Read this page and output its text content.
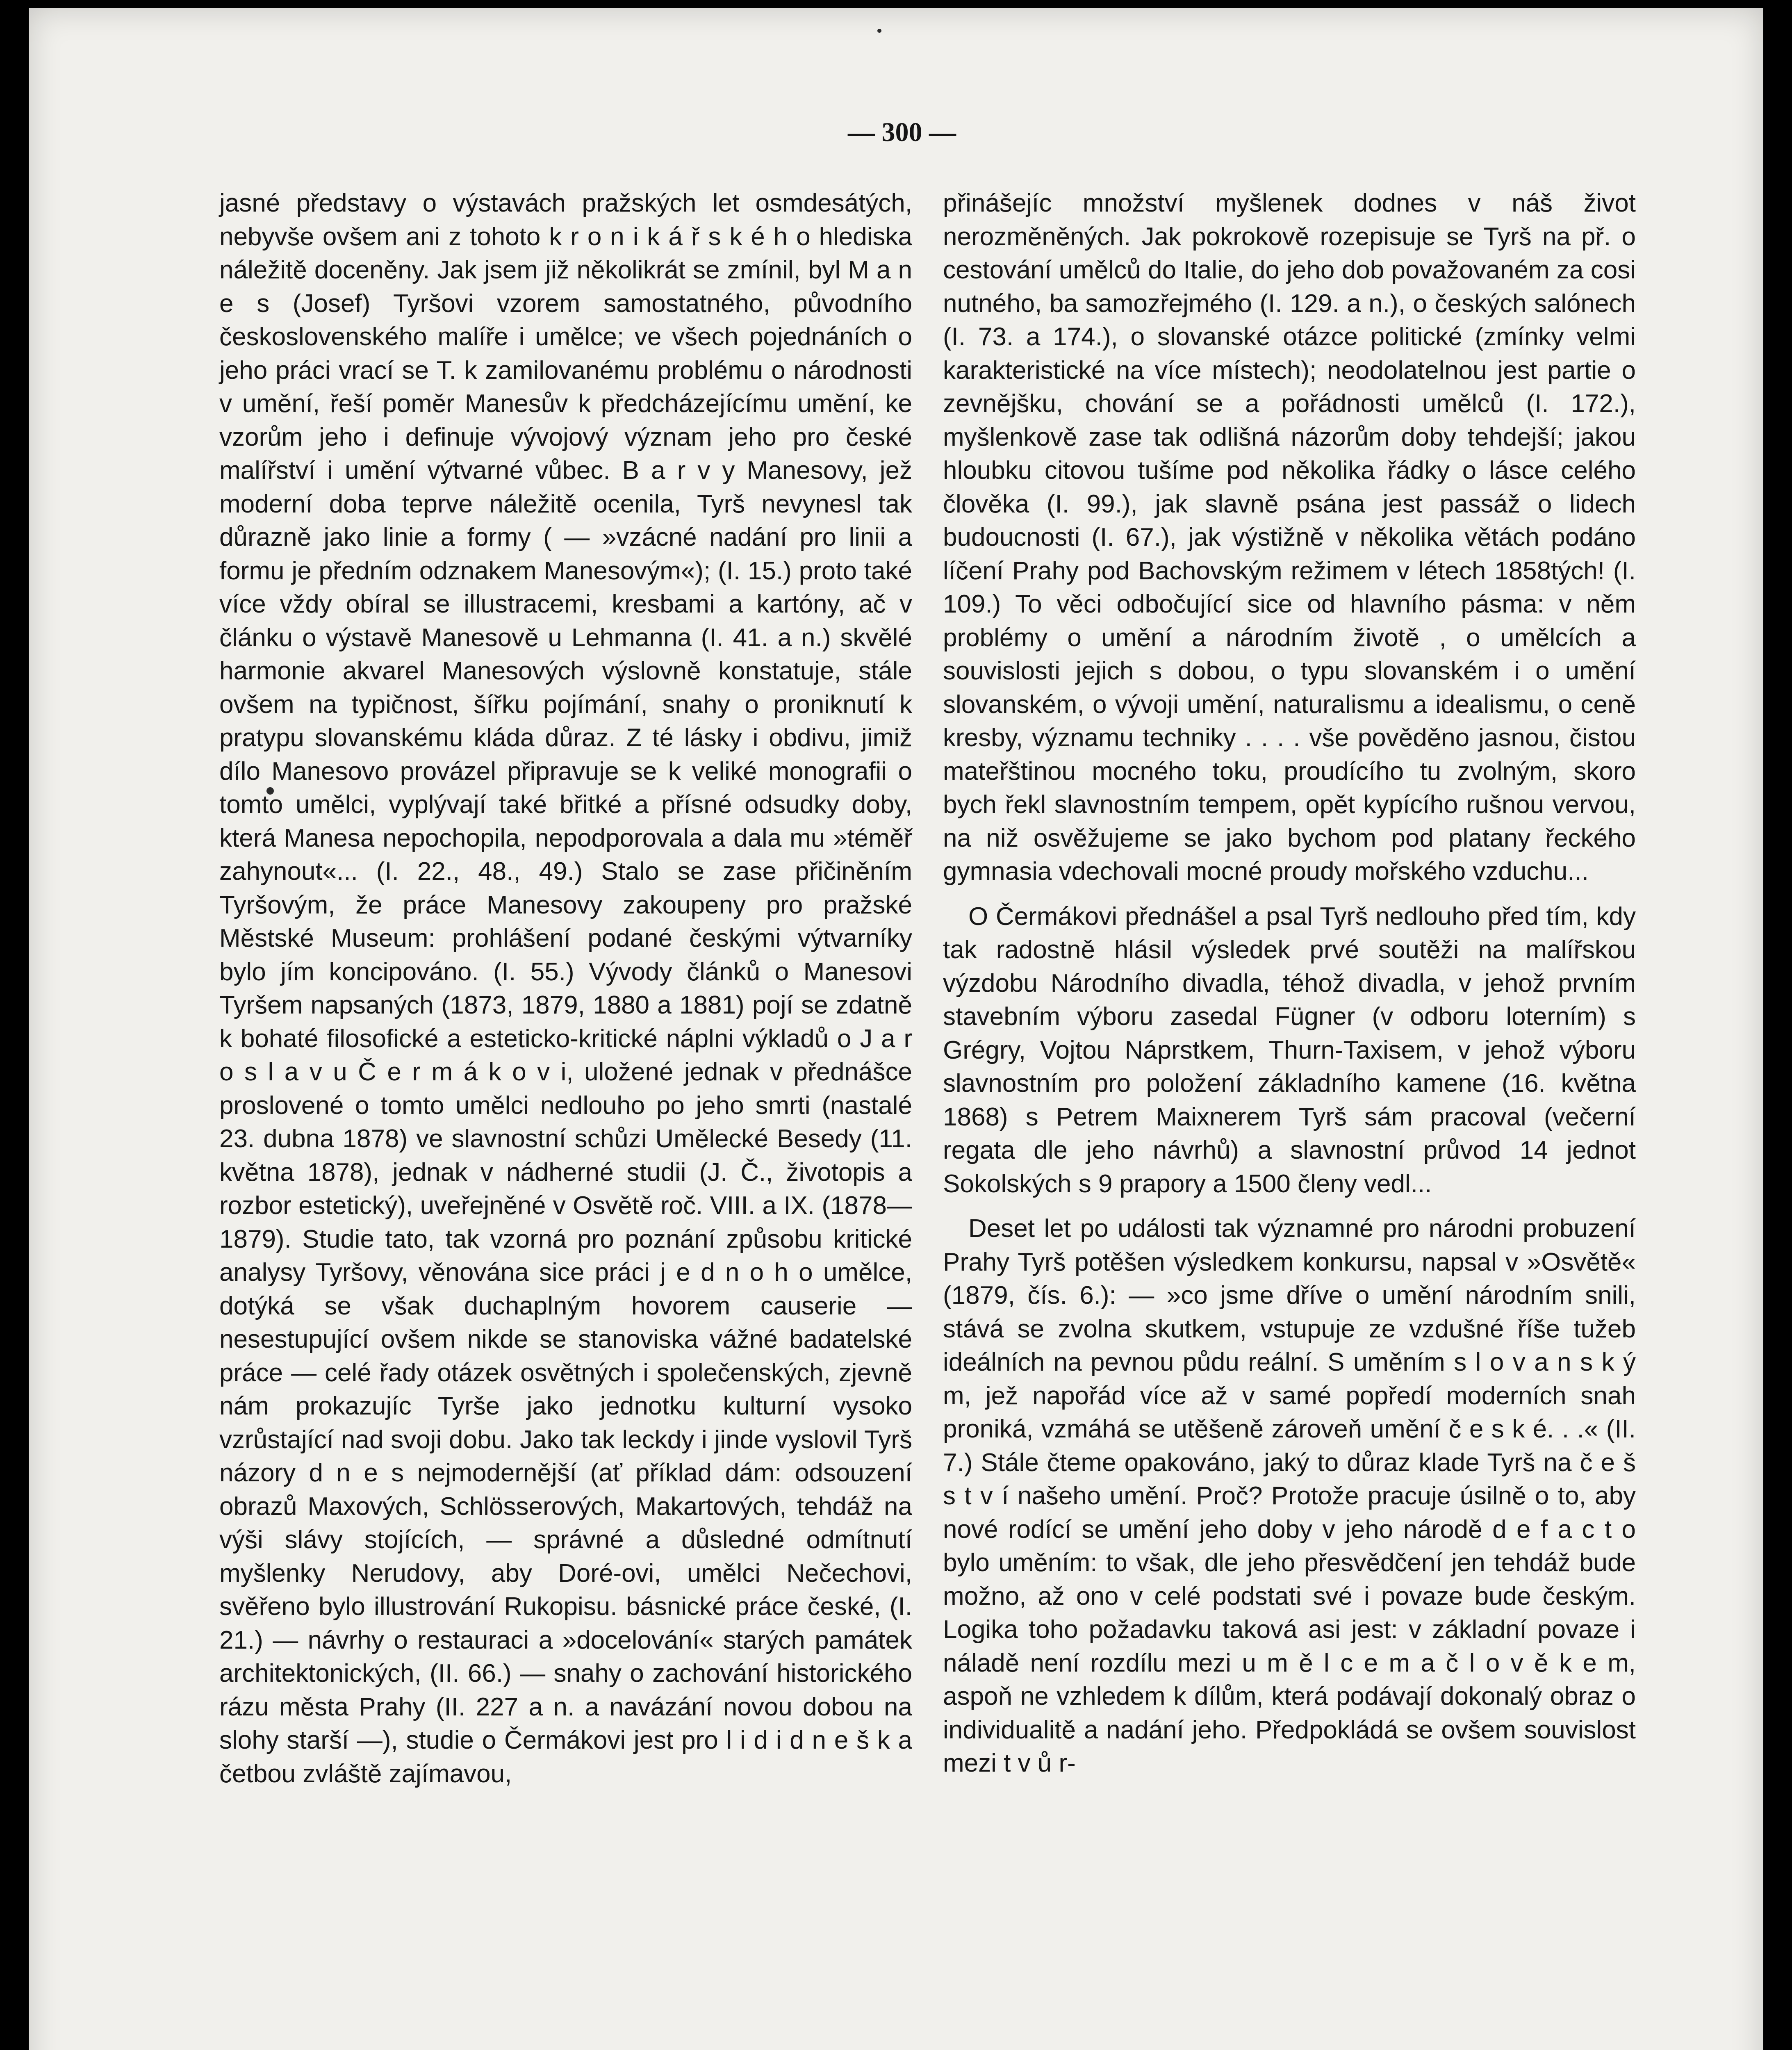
— 300 —

jasné představy o výstavách pražských let osmdesátých, nebyvše ovšem ani z tohoto k r o n i k á ř s k é h o hlediska náležitě doceněny. Jak jsem již několikrát se zmínil, byl M a n e s (Josef) Tyršovi vzorem samostatného, původního československého malíře i umělce; ve všech pojednáních o jeho práci vrací se T. k zamilovanému problému o národnosti v umění, řeší poměr Manesův k předcházejícímu umění, ke vzorům jeho i definuje vývojový význam jeho pro české malířství i umění výtvarné vůbec. B a r v y Manesovy, jež moderní doba teprve náležitě ocenila, Tyrš nevynesl tak důrazně jako linie a formy ( — »vzácné nadání pro linii a formu je předním odznakem Manesovým«); (I. 15.) proto také více vždy obíral se illustracemi, kresbami a kartóny, ač v článku o výstavě Manesově u Lehmanna (I. 41. a n.) skvělé harmonie akvarel Manesových výslovně konstatuje, stále ovšem na typičnost, šířku pojímání, snahy o proniknutí k pratypu slovanskému kláda důraz. Z té lásky i obdivu, jimiž dílo Manesovo provázel připravuje se k veliké monografii o tomto umělci, vyplývají také břitké a přísné odsudky doby, která Manesa nepochopila, nepodporovala a dala mu »téměř zahynout«... (I. 22., 48., 49.) Stalo se zase přičiněním Tyršovým, že práce Manesovy zakoupeny pro pražské Městské Museum: prohlášení podané českými výtvarníky bylo jím koncipováno. (I. 55.) Vývody článků o Manesovi Tyršem napsaných (1873, 1879, 1880 a 1881) pojí se zdatně k bohaté filosofické a esteticko-kritické náplni výkladů o J a r o s l a v u Č e r m á k o v i, uložené jednak v přednášce proslovené o tomto umělci nedlouho po jeho smrti (nastalé 23. dubna 1878) ve slavnostní schůzi Umělecké Besedy (11. května 1878), jednak v nádherné studii (J. Č., životopis a rozbor estetický), uveřejněné v Osvětě roč. VIII. a IX. (1878—1879). Studie tato, tak vzorná pro poznání způsobu kritické analysy Tyršovy, věnována sice práci j e d n o h o umělce, dotýká se však duchaplným hovorem causerie — nesestupující ovšem nikde se stanoviska vážné badatelské práce — celé řady otázek osvětných i společenských, zjevně nám prokazujíc Tyrše jako jednotku kulturní vysoko vzrůstající nad svoji dobu. Jako tak leckdy i jinde vyslovil Tyrš názory d n e s nejmodernější (ať příklad dám: odsouzení obrazů Maxových, Schlösserových, Makartových, tehdáž na výši slávy stojících, — správné a důsledné odmítnutí myšlenky Nerudovy, aby Doré-ovi, umělci Nečechovi, svěřeno bylo illustrování Rukopisu. básnické práce české, (I. 21.) — návrhy o restauraci a »docelování« starých památek architektonických, (II. 66.) — snahy o zachování historického rázu města Prahy (II. 227 a n. a navázání novou dobou na slohy starší —), studie o Čermákovi jest pro l i d i d n e š k a četbou zvláště zajímavou,

přinášejíc množství myšlenek dodnes v náš život nerozměněných. Jak pokrokově rozepisuje se Tyrš na př. o cestování umělců do Italie, do jeho dob považovaném za cosi nutného, ba samozřejmého (I. 129. a n.), o českých salónech (I. 73. a 174.), o slovanské otázce politické (zmínky velmi karakteristické na více místech); neodolatelnou jest partie o zevnějšku, chování se a pořádnosti umělců (I. 172.), myšlenkově zase tak odlišná názorům doby tehdejší; jakou hloubku citovou tušíme pod několika řádky o lásce celého člověka (I. 99.), jak slavně psána jest passáž o lidech budoucnosti (I. 67.), jak výstižně v několika větách podáno líčení Prahy pod Bachovským režimem v létech 1858tých! (I. 109.) To věci odbočující sice od hlavního pásma: v něm problémy o umění a národním životě , o umělcích a souvislosti jejich s dobou, o typu slovanském i o umění slovanském, o vývoji umění, naturalismu a idealismu, o ceně kresby, významu techniky . . . . vše pověděno jasnou, čistou mateřštinou mocného toku, proudícího tu zvolným, skoro bych řekl slavnostním tempem, opět kypícího rušnou vervou, na niž osvěžujeme se jako bychom pod platany řeckého gymnasia vdechovali mocné proudy mořského vzduchu...

O Čermákovi přednášel a psal Tyrš nedlouho před tím, kdy tak radostně hlásil výsledek prvé soutěži na malířskou výzdobu Národního divadla, téhož divadla, v jehož prvním stavebním výboru zasedal Fügner (v odboru loterním) s Grégry, Vojtou Náprstkem, Thurn-Taxisem, v jehož výboru slavnostním pro položení základního kamene (16. května 1868) s Petrem Maixnerem Tyrš sám pracoval (večerní regata dle jeho návrhů) a slavnostní průvod 14 jednot Sokolských s 9 prapory a 1500 členy vedl...

Deset let po události tak významné pro národni probuzení Prahy Tyrš potěšen výsledkem konkursu, napsal v »Osvětě« (1879, čís. 6.): — »co jsme dříve o umění národním snili, stává se zvolna skutkem, vstupuje ze vzdušné říše tužeb ideálních na pevnou půdu reální. S uměním s l o v a n s k ý m, jež napořád více až v samé popředí moderních snah proniká, vzmáhá se utěšeně zároveň umění č e s k é. . .« (II. 7.) Stále čteme opakováno, jaký to důraz klade Tyrš na č e š s t v í našeho umění. Proč? Protože pracuje úsilně o to, aby nové rodící se umění jeho doby v jeho národě d e f a c t o bylo uměním: to však, dle jeho přesvědčení jen tehdáž bude možno, až ono v celé podstati své i povaze bude českým. Logika toho požadavku taková asi jest: v základní povaze i náladě není rozdílu mezi u m ě l c e m a č l o v ě k e m, aspoň ne vzhledem k dílům, která podávají dokonalý obraz o individualitě a nadání jeho. Předpokládá se ovšem souvislost mezi t v ů r-
